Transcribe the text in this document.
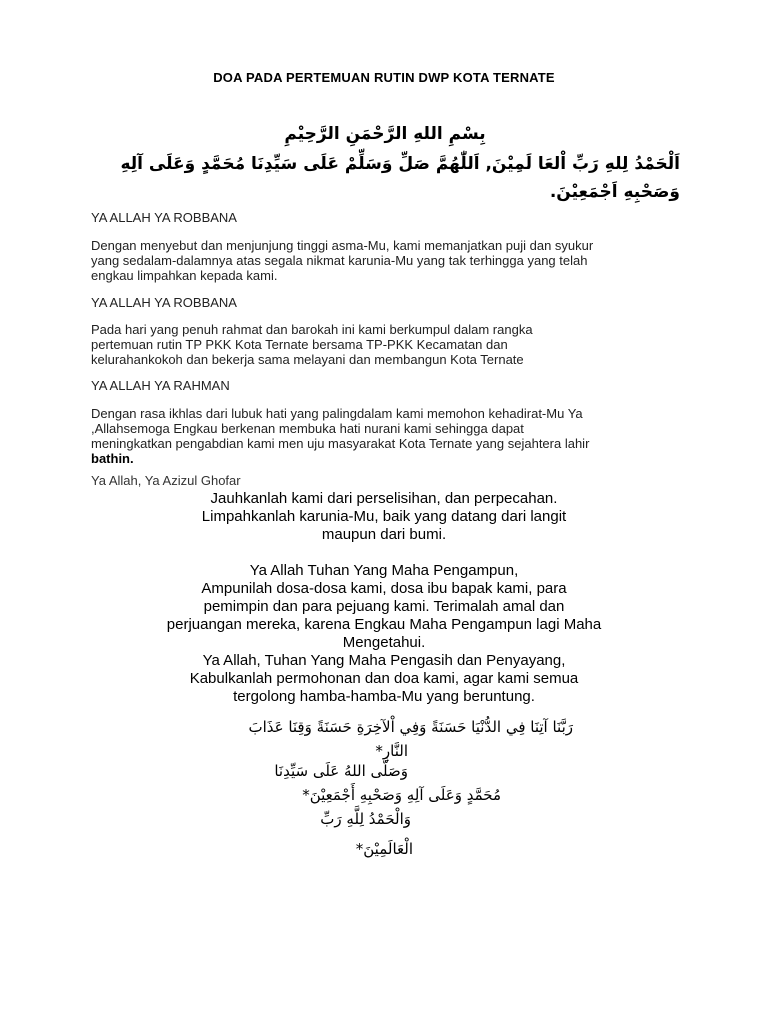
DOA PADA PERTEMUAN RUTIN DWP KOTA TERNATE
بِسْمِ اللهِ الرَّحْمَنِ الرَّحِيْمِ
اَلْحَمْدُ لِلهِ رَبِّ اْلعَا لَمِيْنَ, اَللّٰهُمَّ صَلِّ وَسَلِّمْ عَلَى سَيِّدِنَا مُحَمَّدٍ وَعَلَى آلِهِ وَصَحْبِهِ اَجْمَعِيْنَ.
YA ALLAH YA ROBBANA
Dengan menyebut dan menjunjung tinggi asma-Mu, kami memanjatkan puji dan syukur
yang sedalam-dalamnya atas segala nikmat karunia-Mu yang tak terhingga yang telah
engkau limpahkan kepada kami.
YA ALLAH YA ROBBANA
Pada hari yang penuh rahmat dan barokah ini kami berkumpul dalam rangka
pertemuan rutin TP PKK Kota Ternate bersama TP-PKK Kecamatan dan
kelurahankokoh dan bekerja sama melayani dan membangun Kota Ternate
YA ALLAH YA RAHMAN
Dengan rasa ikhlas dari lubuk hati yang palingdalam kami memohon kehadirat-Mu Ya
,Allahsemoga Engkau berkenan membuka hati nurani kami sehingga dapat
meningkatkan pengabdian kami men uju masyarakat Kota Ternate yang sejahtera lahir
bathin.
Ya Allah, Ya Azizul Ghofar
Jauhkanlah kami dari perselisihan, dan perpecahan.
Limpahkanlah karunia-Mu, baik yang datang dari langit
maupun dari bumi.
Ya Allah Tuhan Yang Maha Pengampun,
Ampunilah dosa-dosa kami, dosa ibu bapak kami, para
pemimpin dan para pejuang kami. Terimalah amal dan
perjuangan mereka, karena Engkau Maha Pengampun lagi Maha
Mengetahui.
Ya Allah, Tuhan Yang Maha Pengasih dan Penyayang,
Kabulkanlah permohonan dan doa kami, agar kami semua
tergolong hamba-hamba-Mu yang beruntung.
رَبَّنَا آتِنَا فِي الدُّنْيَا حَسَنَةً وَفِي اْلآخِرَةِ حَسَنَةً وَقِنَا عَذَابَ
النَّارِ*
وَصَلَّى اللهُ عَلَى سَيِّدِنَا
مُحَمَّدٍ وَعَلَى آلِهِ وَصَحْبِهِ أَجْمَعِيْنَ*
وَالْحَمْدُ لِلَّهِ رَبِّ
الْعَالَمِيْنَ*
